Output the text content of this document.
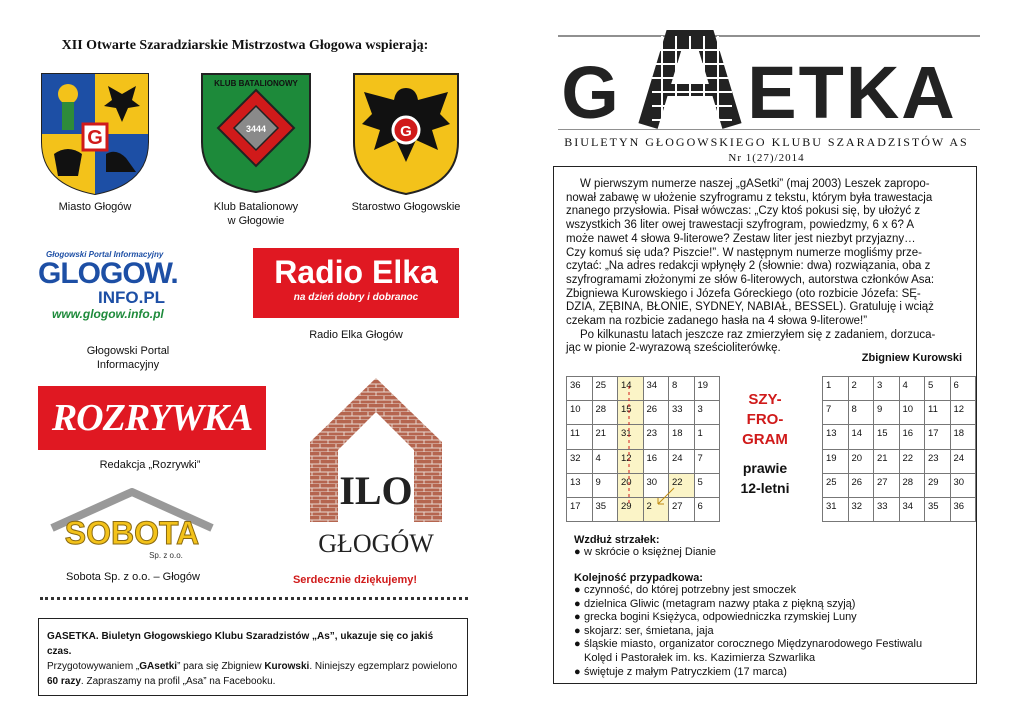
XII Otwarte Szaradziarskie Mistrzostwa Głogowa wspierają:
G
Miasto Głogów
3444
KLUB BATALIONOWY
Klub Batalionowy
w Głogowie
G
Starostwo Głogowskie
Głogowski Portal Informacyjny
GLOGOW.
INFO.PL
www.glogow.info.pl
Głogowski Portal
Informacyjny
Radio Elka
na dzień dobry i dobranoc
Radio Elka Głogów
ROZRYWKA
Redakcja „Rozrywki”
ILO
GŁOGÓW
SOBOTA
Sp. z o.o.
Sobota Sp. z o.o. – Głogów	Serdecznie dziękujemy!
GASETKA. Biuletyn Głogowskiego Klubu Szaradzistów „As”, ukazuje się co jakiś czas.
Przygotowywaniem „GAsetki” para się Zbigniew Kurowski. Niniejszy egzemplarz powielono
60 razy. Zapraszamy na profil „Asa” na Facebooku.
G	A ETKA
BIULETYN GŁOGOWSKIEGO KLUBU SZARADZISTÓW AS
Nr 1(27)/2014

W pierwszym numerze naszej „gASetki” (maj 2003) Leszek zapropo-
nował zabawę w ułożenie szyfrogramu z tekstu, którym była trawestacja
znanego przysłowia. Pisał wówczas: „Czy ktoś pokusi się, by ułożyć z
wszystkich 36 liter owej trawestacji szyfrogram, powiedzmy, 6 x 6? A
może nawet 4 słowa 9-literowe? Zestaw liter jest niezbyt przyjazny…
Czy komuś się uda? Piszcie!”. W następnym numerze mogliśmy prze-
czytać: „Na adres redakcji wpłynęły 2 (słownie: dwa) rozwiązania, oba z
szyfrogramami złożonymi ze słów 6-literowych, autorstwa członków Asa:
Zbigniewa Kurowskiego i Józefa Góreckiego (oto rozbicie Józefa: SĘ-
DZIA, ZĘBINA, BŁONIE, SYDNEY, NABIAŁ, BESSEL). Gratuluję i wciąż
czekam na rozbicie zadanego hasła na 4 słowa 9-literowe!”

Po kilkunastu latach jeszcze raz zmierzyłem się z zadaniem, dorzuca-
jąc w pionie 2-wyrazową sześcioliterówkę.

Zbigniew Kurowski
36	25	14	34	8	19
10	28	15	26	33	3
11	21	31	23	18	1
32	4	12	16	24	7
13	9	20	30	22	5
17	35	29	2	27	6
1	2	3	4	5	6
7	8	9	10	11	12
13	14	15	16	17	18
19	20	21	22	23	24
25	26	27	28	29	30
31	32	33	34	35	36
SZY-
FRO-
GRAM
prawie
12-letni
Wzdłuż strzałek:
● w skrócie o księżnej Dianie
Kolejność przypadkowa:
● czynność, do której potrzebny jest smoczek
● dzielnica Gliwic (metagram nazwy ptaka z piękną szyją)
● grecka bogini Księżyca, odpowiedniczka rzymskiej Luny
● skojarz: ser, śmietana, jaja
● śląskie miasto, organizator corocznego Międzynarodowego Festiwalu
Kolęd i Pastorałek im. ks. Kazimierza Szwarlika
● świętuje z małym Patryczkiem (17 marca)
